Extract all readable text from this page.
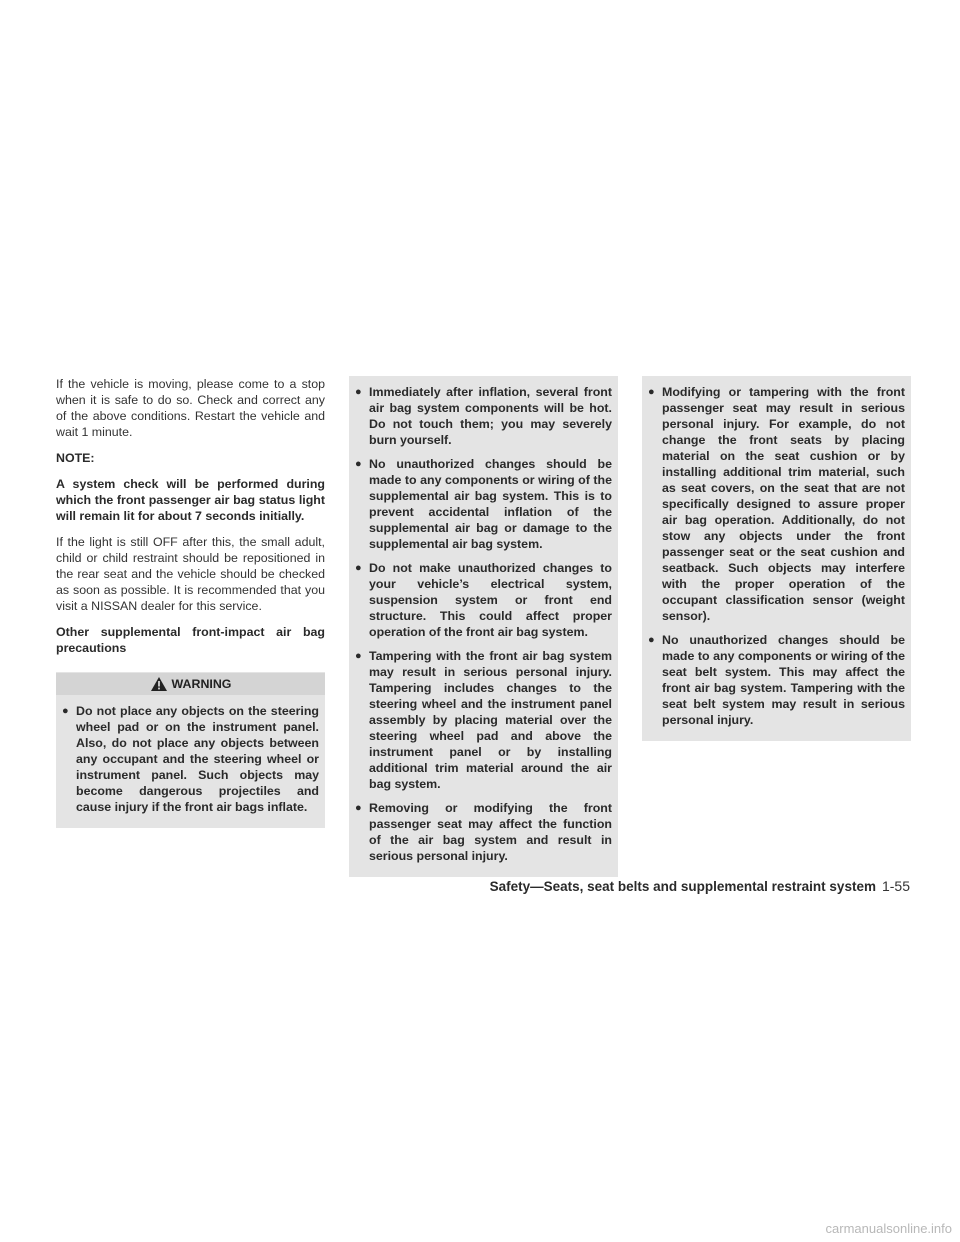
If the vehicle is moving, please come to a stop when it is safe to do so. Check and correct any of the above conditions. Restart the vehicle and wait 1 minute.

NOTE:

A system check will be performed during which the front passenger air bag status light will remain lit for about 7 seconds initially.

If the light is still OFF after this, the small adult, child or child restraint should be repositioned in the rear seat and the vehicle should be checked as soon as possible. It is recommended that you visit a NISSAN dealer for this service.

Other supplemental front-impact air bag precautions

WARNING
● Do not place any objects on the steering wheel pad or on the instrument panel. Also, do not place any objects between any occupant and the steering wheel or instrument panel. Such objects may become dangerous projectiles and cause injury if the front air bags inflate.
● Immediately after inflation, several front air bag system components will be hot. Do not touch them; you may severely burn yourself.
● No unauthorized changes should be made to any components or wiring of the supplemental air bag system. This is to prevent accidental inflation of the supplemental air bag or damage to the supplemental air bag system.
● Do not make unauthorized changes to your vehicle’s electrical system, suspension system or front end structure. This could affect proper operation of the front air bag system.
● Tampering with the front air bag system may result in serious personal injury. Tampering includes changes to the steering wheel and the instrument panel assembly by placing material over the steering wheel pad and above the instrument panel or by installing additional trim material around the air bag system.
● Removing or modifying the front passenger seat may affect the function of the air bag system and result in serious personal injury.
● Modifying or tampering with the front passenger seat may result in serious personal injury. For example, do not change the front seats by placing material on the seat cushion or by installing additional trim material, such as seat covers, on the seat that are not specifically designed to assure proper air bag operation. Additionally, do not stow any objects under the front passenger seat or the seat cushion and seatback. Such objects may interfere with the proper operation of the occupant classification sensor (weight sensor).
● No unauthorized changes should be made to any components or wiring of the seat belt system. This may affect the front air bag system. Tampering with the seat belt system may result in serious personal injury.
Safety—Seats, seat belts and supplemental restraint system 1-55
carmanualsonline.info
